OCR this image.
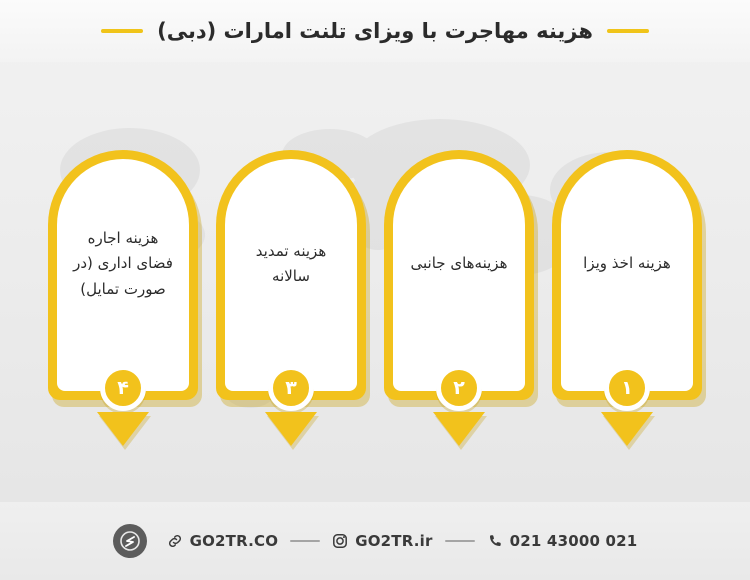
هزینه مهاجرت با ویزای تلنت امارات (دبی)
هزینه اخذ ویزا
۱
هزینه‌های جانبی
۲
هزینه تمدید سالانه
۳
هزینه اجاره فضای اداری (در صورت تمایل)
۴
GO2TR.CO	GO2TR.ir	021 43000 021
